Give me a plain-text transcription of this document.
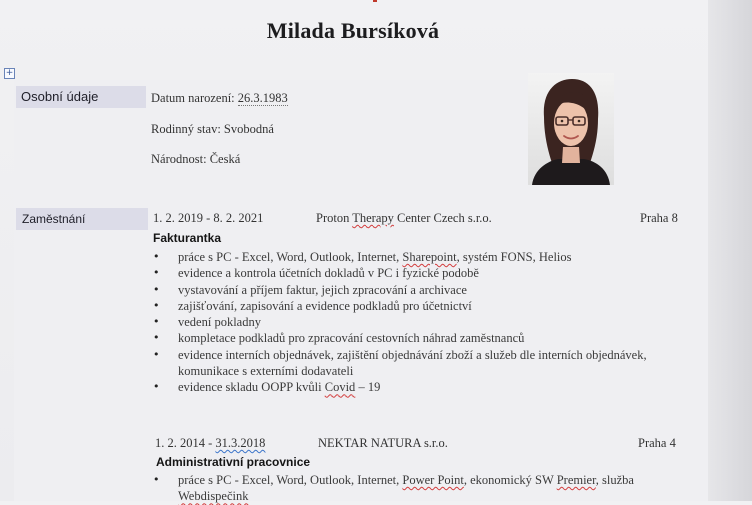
Milada Bursíková
+
Osobní údaje	Datum narození: 26.3.1983
Rodinný stav: Svobodná
Národnost: Česká
Zaměstnání	1. 2. 2019 - 8. 2. 2021	Proton Therapy Center Czech s.r.o.	Praha 8
Fakturantka
• práce s PC - Excel, Word, Outlook, Internet, Sharepoint, systém FONS, Helios
• evidence a kontrola účetních dokladů v PC i fyzické podobě
• vystavování a příjem faktur, jejich zpracování a archivace
• zajišťování, zapisování a evidence podkladů pro účetnictví
• vedení pokladny
• kompletace podkladů pro zpracování cestovních náhrad zaměstnanců
• evidence interních objednávek, zajištění objednávání zboží a služeb dle interních objednávek,
komunikace s externími dodavateli
• evidence skladu OOPP kvůli Covid – 19
1. 2. 2014 - 31.3.2018	NEKTAR NATURA s.r.o.	Praha 4
Administrativní pracovnice
• práce s PC - Excel, Word, Outlook, Internet, Power Point, ekonomický SW Premier, služba
Webdispečink
